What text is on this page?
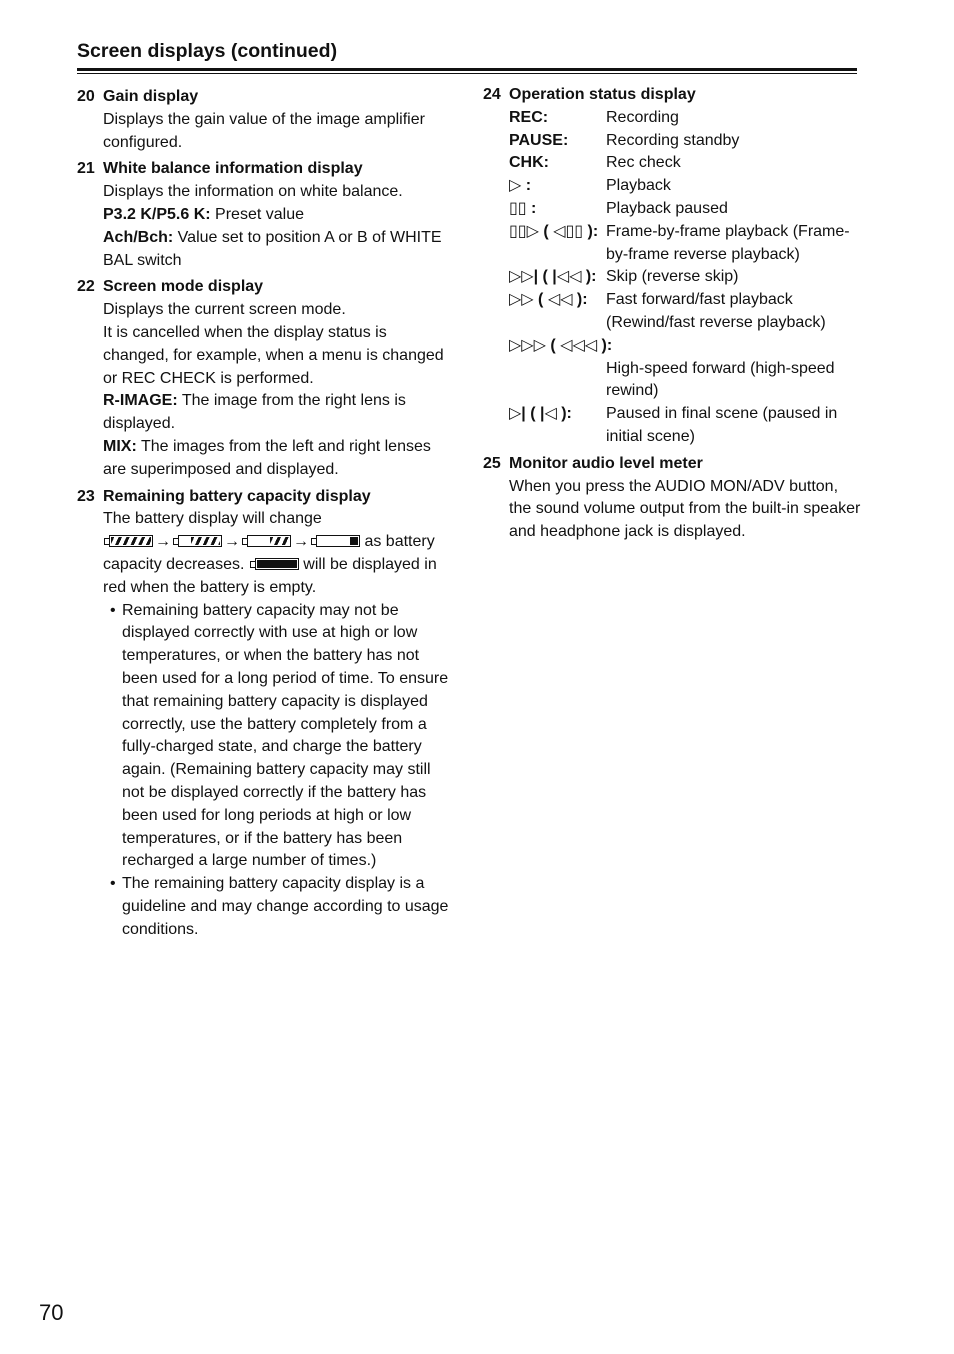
Screen displays (continued)
20 Gain display

Displays the gain value of the image amplifier configured.

21 White balance information display

Displays the information on white balance.

P3.2 K/P5.6 K: Preset value

Ach/Bch: Value set to position A or B of WHITE BAL switch

22 Screen mode display

Displays the current screen mode.

It is cancelled when the display status is changed, for example, when a menu is changed or REC CHECK is performed.

R-IMAGE: The image from the right lens is displayed.

MIX: The images from the left and right lenses are superimposed and displayed.

23 Remaining battery capacity display

The battery display will change

→	→	→	as battery capacity decreases.	will be displayed in red when the battery is empty.

• Remaining battery capacity may not be displayed correctly with use at high or low temperatures, or when the battery has not been used for a long period of time. To ensure that remaining battery capacity is displayed correctly, use the battery completely from a fully-charged state, and charge the battery again. (Remaining battery capacity may still not be displayed correctly if the battery has been used for long periods at high or low temperatures, or if the battery has been recharged a large number of times.)
• The remaining battery capacity display is a guideline and may change according to usage conditions.
24 Operation status display
REC:	Recording
PAUSE:	Recording standby
CHK:	Rec check
▷ :	Playback
▯▯ :	Playback paused
▯▯▷ ( ◁▯▯ ): Frame-by-frame playback (Frame-by-frame reverse playback)
▷▷| ( |◁◁ ): Skip (reverse skip)
▷▷ ( ◁◁ ):	Fast forward/fast playback (Rewind/fast reverse playback)
▷▷▷ ( ◁◁◁ ):
High-speed forward (high-speed rewind)
▷| ( |◁ ):	Paused in final scene (paused in initial scene)
25 Monitor audio level meter

When you press the AUDIO MON/ADV button, the sound volume output from the built-in speaker and headphone jack is displayed.

70
